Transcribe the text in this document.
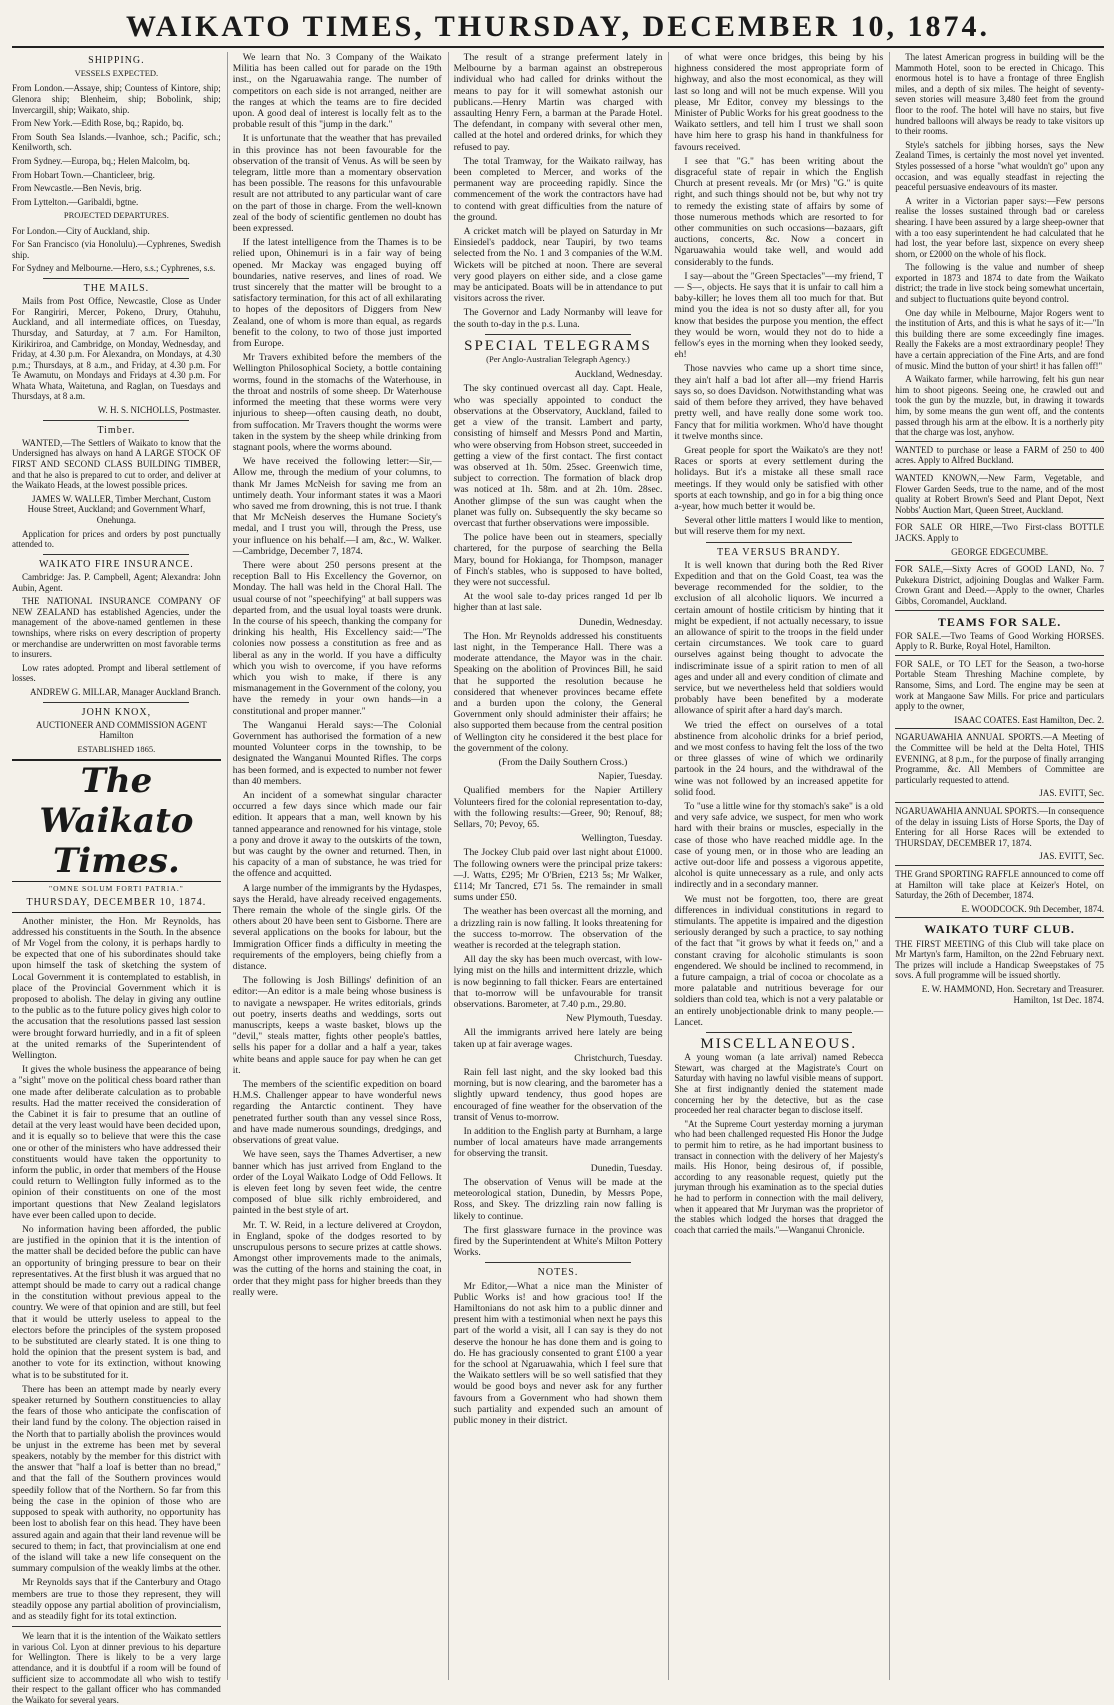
WAIKATO TIMES, THURSDAY, DECEMBER 10, 1874.
SHIPPING.
VESSELS EXPECTED.

From London.—Assaye, ship; Countess of Kintore, ship; Glenora ship; Blenheim, ship; Bobolink, ship; Invercargill, ship; Waikato, ship.

From New York.—Edith Rose, bq.; Rapido, bq.

From South Sea Islands.—Ivanhoe, sch.; Pacific, sch.; Kenilworth, sch.

From Sydney.—Europa, bq.; Helen Malcolm, bq.

From Hobart Town.—Chanticleer, brig.

From Newcastle.—Ben Nevis, brig.

From Lyttelton.—Garibaldi, bgtne.

PROJECTED DEPARTURES.

For London.—City of Auckland, ship.

For San Francisco (via Honolulu).—Cyphrenes, Swedish ship.

For Sydney and Melbourne.—Hero, s.s.; Cyphrenes, s.s.

THE MAILS.

Mails from Post Office, Newcastle, Close as Under For Rangiriri, Mercer, Pokeno, Drury, Otahuhu, Auckland, and all intermediate offices, on Tuesday, Thursday, and Saturday, at 7 a.m. For Hamilton, Kirikiriroa, and Cambridge, on Monday, Wednesday, and Friday, at 4.30 p.m. For Alexandra, on Mondays, at 4.30 p.m.; Thursdays, at 8 a.m., and Friday, at 4.30 p.m. For Te Awamutu, on Mondays and Fridays at 4.30 p.m. For Whata Whata, Waitetuna, and Raglan, on Tuesdays and Thursdays, at 8 a.m.

W. H. S. NICHOLLS, Postmaster.

Timber.

WANTED,—The Settlers of Waikato to know that the Undersigned has always on hand A LARGE STOCK OF FIRST AND SECOND CLASS BUILDING TIMBER, and that he also is prepared to cut to order, and deliver at the Waikato Heads, at the lowest possible prices.

JAMES W. WALLER, Timber Merchant, Custom House Street, Auckland; and Government Wharf, Onehunga.

Application for prices and orders by post punctually attended to.

WAIKATO FIRE INSURANCE.

Cambridge: Jas. P. Campbell, Agent; Alexandra: John Aubin, Agent.

THE NATIONAL INSURANCE COMPANY OF NEW ZEALAND has established Agencies, under the management of the above-named gentlemen in these townships, where risks on every description of property or merchandise are underwritten on most favorable terms to insurers.

Low rates adopted. Prompt and liberal settlement of losses.

ANDREW G. MILLAR, Manager Auckland Branch.

JOHN KNOX,

AUCTIONEER AND COMMISSION AGENT Hamilton

ESTABLISHED 1865.
The Waikato Times.
"OMNE SOLUM FORTI PATRIA."
THURSDAY, DECEMBER 10, 1874.

Another minister, the Hon. Mr Reynolds, has addressed his constituents in the South. In the absence of Mr Vogel from the colony, it is perhaps hardly to be expected that one of his subordinates should take upon himself the task of sketching the system of Local Government it is contemplated to establish, in place of the Provincial Government which it is proposed to abolish. The delay in giving any outline to the public as to the future policy gives high color to the accusation that the resolutions passed last session were brought forward hurriedly, and in a fit of spleen at the united remarks of the Superintendent of Wellington.

It gives the whole business the appearance of being a "sight" move on the political chess board rather than one made after deliberate calculation as to probable results. Had the matter received the consideration of the Cabinet it is fair to presume that an outline of detail at the very least would have been decided upon, and it is equally so to believe that were this the case one or other of the ministers who have addressed their constituents would have taken the opportunity to inform the public, in order that members of the House could return to Wellington fully informed as to the opinion of their constituents on one of the most important questions that New Zealand legislators have ever been called upon to decide.

No information having been afforded, the public are justified in the opinion that it is the intention of the matter shall be decided before the public can have an opportunity of bringing pressure to bear on their representatives. At the first blush it was argued that no attempt should be made to carry out a radical change in the constitution without previous appeal to the country. We were of that opinion and are still, but feel that it would be utterly useless to appeal to the electors before the principles of the system proposed to be substituted are clearly stated. It is one thing to hold the opinion that the present system is bad, and another to vote for its extinction, without knowing what is to be substituted for it.

There has been an attempt made by nearly every speaker returned by Southern constituencies to allay the fears of those who anticipate the confiscation of their land fund by the colony. The objection raised in the North that to partially abolish the provinces would be unjust in the extreme has been met by several speakers, notably by the member for this district with the answer that "half a loaf is better than no bread," and that the fall of the Southern provinces would speedily follow that of the Northern. So far from this being the case in the opinion of those who are supposed to speak with authority, no opportunity has been lost to abolish fear on this head. They have been assured again and again that their land revenue will be secured to them; in fact, that provincialism at one end of the island will take a new life consequent on the summary compulsion of the weakly limbs at the other.

Mr Reynolds says that if the Canterbury and Otago members are true to those they represent, they will steadily oppose any partial abolition of provincialism, and as steadily fight for its total extinction.

We learn that it is the intention of the Waikato settlers in various Col. Lyon at dinner previous to his departure for Wellington. There is likely to be a very large attendance, and it is doubtful if a room will be found of sufficient size to accommodate all who wish to testify their respect to the gallant officer who has commanded the Waikato for several years.

We learn that No. 3 Company of the Waikato Militia has been called out for parade on the 19th inst., on the Ngaruawahia range. The number of competitors on each side is not arranged, neither are the ranges at which the teams are to fire decided upon. A good deal of interest is locally felt as to the probable result of this "jump in the dark."

It is unfortunate that the weather that has prevailed in this province has not been favourable for the observation of the transit of Venus. As will be seen by telegram, little more than a momentary observation has been possible. The reasons for this unfavourable result are not attributed to any particular want of care on the part of those in charge. From the well-known zeal of the body of scientific gentlemen no doubt has been expressed.

If the latest intelligence from the Thames is to be relied upon, Ohinemuri is in a fair way of being opened. Mr Mackay was engaged buying off boundaries, native reserves, and lines of road. We trust sincerely that the matter will be brought to a satisfactory termination, for this act of all exhilarating to hopes of the depositors of Diggers from New Zealand, one of whom is more than equal, as regards benefit to the colony, to two of those just imported from Europe.

Mr Travers exhibited before the members of the Wellington Philosophical Society, a bottle containing worms, found in the stomachs of the Waterhouse, in the throat and nostrils of some sheep. Dr Waterhouse informed the meeting that these worms were very injurious to sheep—often causing death, no doubt, from suffocation. Mr Travers thought the worms were taken in the system by the sheep while drinking from stagnant pools, where the worms abound.

We have received the following letter:—Sir,—Allow me, through the medium of your columns, to thank Mr James McNeish for saving me from an untimely death. Your informant states it was a Maori who saved me from drowning, this is not true. I thank that Mr McNeish deserves the Humane Society's medal, and I trust you will, through the Press, use your influence on his behalf.—I am, &c., W. Walker.—Cambridge, December 7, 1874.

There were about 250 persons present at the reception Ball to His Excellency the Governor, on Monday. The hall was held in the Choral Hall. The usual course of not "speechifying" at ball suppers was departed from, and the usual loyal toasts were drunk. In the course of his speech, thanking the company for drinking his health, His Excellency said:—"The colonies now possess a constitution as free and as liberal as any in the world. If you have a difficulty which you wish to overcome, if you have reforms which you wish to make, if there is any mismanagement in the Government of the colony, you have the remedy in your own hands—in a constitutional and proper manner."

The Wanganui Herald says:—The Colonial Government has authorised the formation of a new mounted Volunteer corps in the township, to be designated the Wanganui Mounted Rifles. The corps has been formed, and is expected to number not fewer than 40 members.

An incident of a somewhat singular character occurred a few days since which made our fair edition. It appears that a man, well known by his tanned appearance and renowned for his vintage, stole a pony and drove it away to the outskirts of the town, but was caught by the owner and returned. Then, in his capacity of a man of substance, he was tried for the offence and acquitted.

A large number of the immigrants by the Hydaspes, says the Herald, have already received engagements. There remain the whole of the single girls. Of the others about 20 have been sent to Gisborne. There are several applications on the books for labour, but the Immigration Officer finds a difficulty in meeting the requirements of the employers, being chiefly from a distance.

The following is Josh Billings' definition of an editor:—An editor is a male being whose business is to navigate a newspaper. He writes editorials, grinds out poetry, inserts deaths and weddings, sorts out manuscripts, keeps a waste basket, blows up the "devil," steals matter, fights other people's battles, sells his paper for a dollar and a half a year, takes white beans and apple sauce for pay when he can get it.

The members of the scientific expedition on board H.M.S. Challenger appear to have wonderful news regarding the Antarctic continent. They have penetrated further south than any vessel since Ross, and have made numerous soundings, dredgings, and observations of great value.

We have seen, says the Thames Advertiser, a new banner which has just arrived from England to the order of the Loyal Waikato Lodge of Odd Fellows. It is eleven feet long by seven feet wide, the centre composed of blue silk richly embroidered, and painted in the best style of art.

Mr. T. W. Reid, in a lecture delivered at Croydon, in England, spoke of the dodges resorted to by unscrupulous persons to secure prizes at cattle shows. Amongst other improvements made to the animals, was the cutting of the horns and staining the coat, in order that they might pass for higher breeds than they really were.

The result of a strange preferment lately in Melbourne by a barman against an obstreperous individual who had called for drinks without the means to pay for it will somewhat astonish our publicans.—Henry Martin was charged with assaulting Henry Fern, a barman at the Parade Hotel. The defendant, in company with several other men, called at the hotel and ordered drinks, for which they refused to pay.

The total Tramway, for the Waikato railway, has been completed to Mercer, and works of the permanent way are proceeding rapidly. Since the commencement of the work the contractors have had to contend with great difficulties from the nature of the ground.

A cricket match will be played on Saturday in Mr Einsiedel's paddock, near Taupiri, by two teams selected from the No. 1 and 3 companies of the W.M. Wickets will be pitched at noon. There are several very good players on either side, and a close game may be anticipated. Boats will be in attendance to put visitors across the river.

The Governor and Lady Normanby will leave for the south to-day in the p.s. Luna.

SPECIAL TELEGRAMS
(Per Anglo-Australian Telegraph Agency.)

Auckland, Wednesday.

The sky continued overcast all day. Capt. Heale, who was specially appointed to conduct the observations at the Observatory, Auckland, failed to get a view of the transit. Lambert and party, consisting of himself and Messrs Pond and Martin, who were observing from Hobson street, succeeded in getting a view of the first contact. The first contact was observed at 1h. 50m. 25sec. Greenwich time, subject to correction. The formation of black drop was noticed at 1h. 58m. and at 2h. 10m. 28sec. Another glimpse of the sun was caught when the planet was fully on. Subsequently the sky became so overcast that further observations were impossible.

The police have been out in steamers, specially chartered, for the purpose of searching the Bella Mary, bound for Hokianga, for Thompson, manager of Finch's stables, who is supposed to have bolted, they were not successful.

At the wool sale to-day prices ranged 1d per lb higher than at last sale.

Dunedin, Wednesday.

The Hon. Mr Reynolds addressed his constituents last night, in the Temperance Hall. There was a moderate attendance, the Mayor was in the chair. Speaking on the abolition of Provinces Bill, he said that he supported the resolution because he considered that whenever provinces became effete and a burden upon the colony, the General Government only should administer their affairs; he also supported them because from the central position of Wellington city he considered it the best place for the government of the colony.

(From the Daily Southern Cross.)

Napier, Tuesday.

Qualified members for the Napier Artillery Volunteers fired for the colonial representation to-day, with the following results:—Greer, 90; Renouf, 88; Sellars, 70; Pevoy, 65.

Wellington, Tuesday.

The Jockey Club paid over last night about £1000. The following owners were the principal prize takers:—J. Watts, £295; Mr O'Brien, £213 5s; Mr Walker, £114; Mr Tancred, £71 5s. The remainder in small sums under £50.

The weather has been overcast all the morning, and a drizzling rain is now falling. It looks threatening for the success to-morrow. The observation of the weather is recorded at the telegraph station.

All day the sky has been much overcast, with low-lying mist on the hills and intermittent drizzle, which is now beginning to fall thicker. Fears are entertained that to-morrow will be unfavourable for transit observations. Barometer, at 7.40 p.m., 29.80.

New Plymouth, Tuesday.

All the immigrants arrived here lately are being taken up at fair average wages.

Christchurch, Tuesday.

Rain fell last night, and the sky looked bad this morning, but is now clearing, and the barometer has a slightly upward tendency, thus good hopes are encouraged of fine weather for the observation of the transit of Venus to-morrow.

In addition to the English party at Burnham, a large number of local amateurs have made arrangements for observing the transit.

Dunedin, Tuesday.

The observation of Venus will be made at the meteorological station, Dunedin, by Messrs Pope, Ross, and Skey. The drizzling rain now falling is likely to continue.

The first glassware furnace in the province was fired by the Superintendent at White's Milton Pottery Works.

NOTES.

Mr Editor,—What a nice man the Minister of Public Works is! and how gracious too! If the Hamiltonians do not ask him to a public dinner and present him with a testimonial when next he pays this part of the world a visit, all I can say is they do not deserve the honour he has done them and is going to do. He has graciously consented to grant £100 a year for the school at Ngaruawahia, which I feel sure that the Waikato settlers will be so well satisfied that they would be good boys and never ask for any further favours from a Government who had shown them such partiality and expended such an amount of public money in their district.

of what were once bridges, this being by his highness considered the most appropriate form of highway, and also the most economical, as they will last so long and will not be much expense. Will you please, Mr Editor, convey my blessings to the Minister of Public Works for his great goodness to the Waikato settlers, and tell him I trust we shall soon have him here to grasp his hand in thankfulness for favours received.

I see that "G." has been writing about the disgraceful state of repair in which the English Church at present reveals. Mr (or Mrs) "G." is quite right, and such things should not be, but why not try to remedy the existing state of affairs by some of those numerous methods which are resorted to for other communities on such occasions—bazaars, gift auctions, concerts, &c. Now a concert in Ngaruawahia would take well, and would add considerably to the funds.

I say—about the "Green Spectacles"—my friend, T— S—, objects. He says that it is unfair to call him a baby-killer; he loves them all too much for that. But mind you the idea is not so dusty after all, for you know that besides the purpose you mention, the effect they would be worn, would they not do to hide a fellow's eyes in the morning when they looked seedy, eh!

Those navvies who came up a short time since, they ain't half a bad lot after all—my friend Harris says so, so does Davidson. Notwithstanding what was said of them before they arrived, they have behaved pretty well, and have really done some work too. Fancy that for militia workmen. Who'd have thought it twelve months since.

Great people for sport the Waikato's are they not! Races or sports at every settlement during the holidays. But it's a mistake all these small race meetings. If they would only be satisfied with other sports at each township, and go in for a big thing once a-year, how much better it would be.

Several other little matters I would like to mention, but will reserve them for my next.

TEA VERSUS BRANDY.

It is well known that during both the Red River Expedition and that on the Gold Coast, tea was the beverage recommended for the soldier, to the exclusion of all alcoholic liquors. We incurred a certain amount of hostile criticism by hinting that it might be expedient, if not actually necessary, to issue an allowance of spirit to the troops in the field under certain circumstances. We took care to guard ourselves against being thought to advocate the indiscriminate issue of a spirit ration to men of all ages and under all and every condition of climate and service, but we nevertheless held that soldiers would probably have been benefited by a moderate allowance of spirit after a hard day's march.

We tried the effect on ourselves of a total abstinence from alcoholic drinks for a brief period, and we most confess to having felt the loss of the two or three glasses of wine of which we ordinarily partook in the 24 hours, and the withdrawal of the wine was not followed by an increased appetite for solid food.

To "use a little wine for thy stomach's sake" is a old and very safe advice, we suspect, for men who work hard with their brains or muscles, especially in the case of those who have reached middle age. In the case of young men, or in those who are leading an active out-door life and possess a vigorous appetite, alcohol is quite unnecessary as a rule, and only acts indirectly and in a secondary manner.

We must not be forgotten, too, there are great differences in individual constitutions in regard to stimulants. The appetite is impaired and the digestion seriously deranged by such a practice, to say nothing of the fact that "it grows by what it feeds on," and a constant craving for alcoholic stimulants is soon engendered. We should be inclined to recommend, in a future campaign, a trial of cocoa or chocolate as a more palatable and nutritious beverage for our soldiers than cold tea, which is not a very palatable or an entirely unobjectionable drink to many people.—Lancet.

MISCELLANEOUS.

A young woman (a late arrival) named Rebecca Stewart, was charged at the Magistrate's Court on Saturday with having no lawful visible means of support. She at first indignantly denied the statement made concerning her by the detective, but as the case proceeded her real character began to disclose itself.

"At the Supreme Court yesterday morning a juryman who had been challenged requested His Honor the Judge to permit him to retire, as he had important business to transact in connection with the delivery of her Majesty's mails. His Honor, being desirous of, if possible, according to any reasonable request, quietly put the juryman through his examination as to the special duties he had to perform in connection with the mail delivery, when it appeared that Mr Juryman was the proprietor of the stables which lodged the horses that dragged the coach that carried the mails."—Wanganui Chronicle.

The latest American progress in building will be the Mammoth Hotel, soon to be erected in Chicago. This enormous hotel is to have a frontage of three English miles, and a depth of six miles. The height of seventy-seven stories will measure 3,480 feet from the ground floor to the roof. The hotel will have no stairs, but five hundred balloons will always be ready to take visitors up to their rooms.

Style's satchels for jibbing horses, says the New Zealand Times, is certainly the most novel yet invented. Styles possessed of a horse "what wouldn't go" upon any occasion, and was equally steadfast in rejecting the peaceful persuasive endeavours of its master.

A writer in a Victorian paper says:—Few persons realise the losses sustained through bad or careless shearing. I have been assured by a large sheep-owner that with a too easy superintendent he had calculated that he had lost, the year before last, sixpence on every sheep shorn, or £2000 on the whole of his flock.

The following is the value and number of sheep exported in 1873 and 1874 to date from the Waikato district; the trade in live stock being somewhat uncertain, and subject to fluctuations quite beyond control.

One day while in Melbourne, Major Rogers went to the institution of Arts, and this is what he says of it:—"In this building there are some exceedingly fine images. Really the Fakeks are a most extraordinary people! They have a certain appreciation of the Fine Arts, and are fond of music. Mind the button of your shirt! it has fallen off!"

A Waikato farmer, while harrowing, felt his gun near him to shoot pigeons. Seeing one, he crawled out and took the gun by the muzzle, but, in drawing it towards him, by some means the gun went off, and the contents passed through his arm at the elbow. It is a northerly pity that the charge was lost, anyhow.

WANTED to purchase or lease a FARM of 250 to 400 acres. Apply to Alfred Buckland.

WANTED KNOWN,—New Farm, Vegetable, and Flower Garden Seeds, true to the name, and of the most quality at Robert Brown's Seed and Plant Depot, Next Nobbs' Auction Mart, Queen Street, Auckland.

FOR SALE OR HIRE,—Two First-class BOTTLE JACKS. Apply to

GEORGE EDGECUMBE.

FOR SALE,—Sixty Acres of GOOD LAND, No. 7 Pukekura District, adjoining Douglas and Walker Farm. Crown Grant and Deed.—Apply to the owner, Charles Gibbs, Coromandel, Auckland.

TEAMS FOR SALE.

FOR SALE.—Two Teams of Good Working HORSES. Apply to R. Burke, Royal Hotel, Hamilton.

FOR SALE, or TO LET for the Season, a two-horse Portable Steam Threshing Machine complete, by Ransome, Sims, and Lord. The engine may be seen at work at Mangaone Saw Mills. For price and particulars apply to the owner,

ISAAC COATES. East Hamilton, Dec. 2.

NGARUAWAHIA ANNUAL SPORTS.—A Meeting of the Committee will be held at the Delta Hotel, THIS EVENING, at 8 p.m., for the purpose of finally arranging Programme, &c. All Members of Committee are particularly requested to attend.

JAS. EVITT, Sec.

NGARUAWAHIA ANNUAL SPORTS.—In consequence of the delay in issuing Lists of Horse Sports, the Day of Entering for all Horse Races will be extended to THURSDAY, DECEMBER 17, 1874.

JAS. EVITT, Sec.

THE Grand SPORTING RAFFLE announced to come off at Hamilton will take place at Keizer's Hotel, on Saturday, the 26th of December, 1874.

E. WOODCOCK. 9th December, 1874.

WAIKATO TURF CLUB.

THE FIRST MEETING of this Club will take place on Mr Martyn's farm, Hamilton, on the 22nd February next. The prizes will include a Handicap Sweepstakes of 75 sovs. A full programme will be issued shortly.

E. W. HAMMOND, Hon. Secretary and Treasurer. Hamilton, 1st Dec. 1874.
